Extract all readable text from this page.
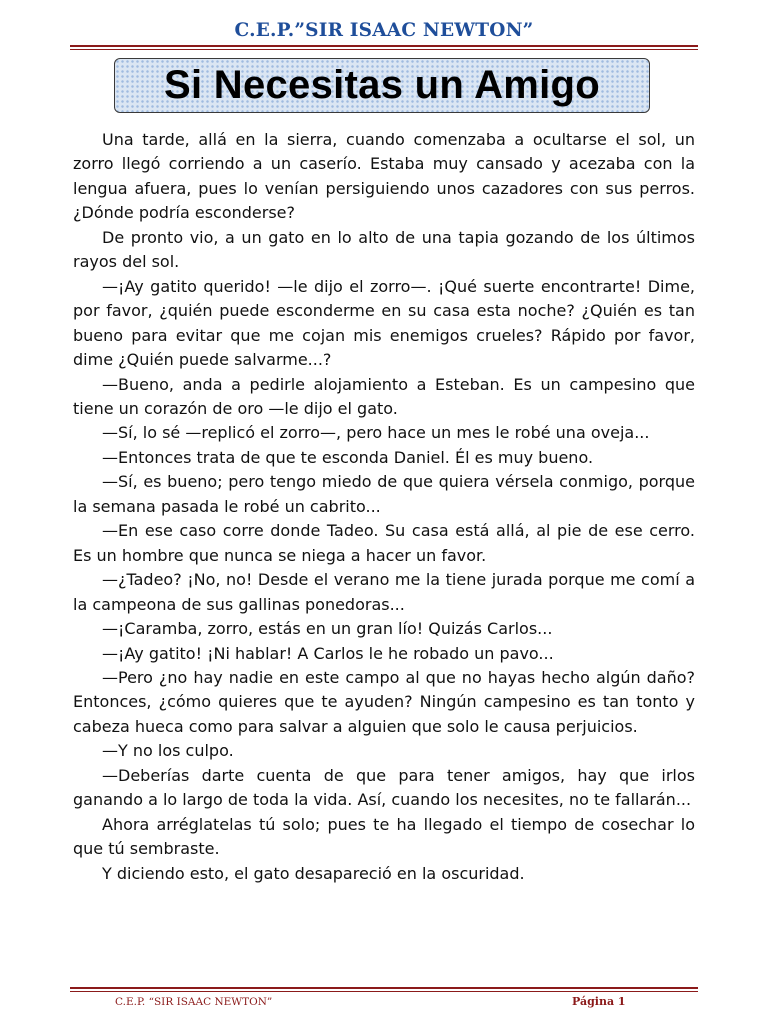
C.E.P.”SIR ISAAC NEWTON”
Si Necesitas un Amigo

Una tarde, allá en la sierra, cuando comenzaba a ocultarse el sol, un zorro llegó corriendo a un caserío. Estaba muy cansado y acezaba con la lengua afuera, pues lo venían persiguiendo unos cazadores con sus perros. ¿Dónde podría esconderse?

De pronto vio, a un gato en lo alto de una tapia gozando de los últimos rayos del sol.

—¡Ay gatito querido! —le dijo el zorro—. ¡Qué suerte encontrarte! Dime, por favor, ¿quién puede esconderme en su casa esta noche? ¿Quién es tan bueno para evitar que me cojan mis enemigos crueles? Rápido por favor, dime ¿Quién puede salvarme...?

—Bueno, anda a pedirle alojamiento a Esteban. Es un campesino que tiene un corazón de oro —le dijo el gato.

—Sí, lo sé —replicó el zorro—, pero hace un mes le robé una oveja...

—Entonces trata de que te esconda Daniel. Él es muy bueno.

—Sí, es bueno; pero tengo miedo de que quiera vérsela conmigo, porque la semana pasada le robé un cabrito...

—En ese caso corre donde Tadeo. Su casa está allá, al pie de ese cerro. Es un hombre que nunca se niega a hacer un favor.

—¿Tadeo? ¡No, no! Desde el verano me la tiene jurada porque me comí a la campeona de sus gallinas ponedoras...

—¡Caramba, zorro, estás en un gran lío! Quizás Carlos...

—¡Ay gatito! ¡Ni hablar! A Carlos le he robado un pavo...

—Pero ¿no hay nadie en este campo al que no hayas hecho algún daño? Entonces, ¿cómo quieres que te ayuden? Ningún campesino es tan tonto y cabeza hueca como para salvar a alguien que solo le causa perjuicios.

—Y no los culpo.

—Deberías darte cuenta de que para tener amigos, hay que irlos ganando a lo largo de toda la vida. Así, cuando los necesites, no te fallarán...

Ahora arréglatelas tú solo; pues te ha llegado el tiempo de cosechar lo que tú sembraste.

Y diciendo esto, el gato desapareció en la oscuridad.

C.E.P. “SIR ISAAC NEWTON”	Página 1
